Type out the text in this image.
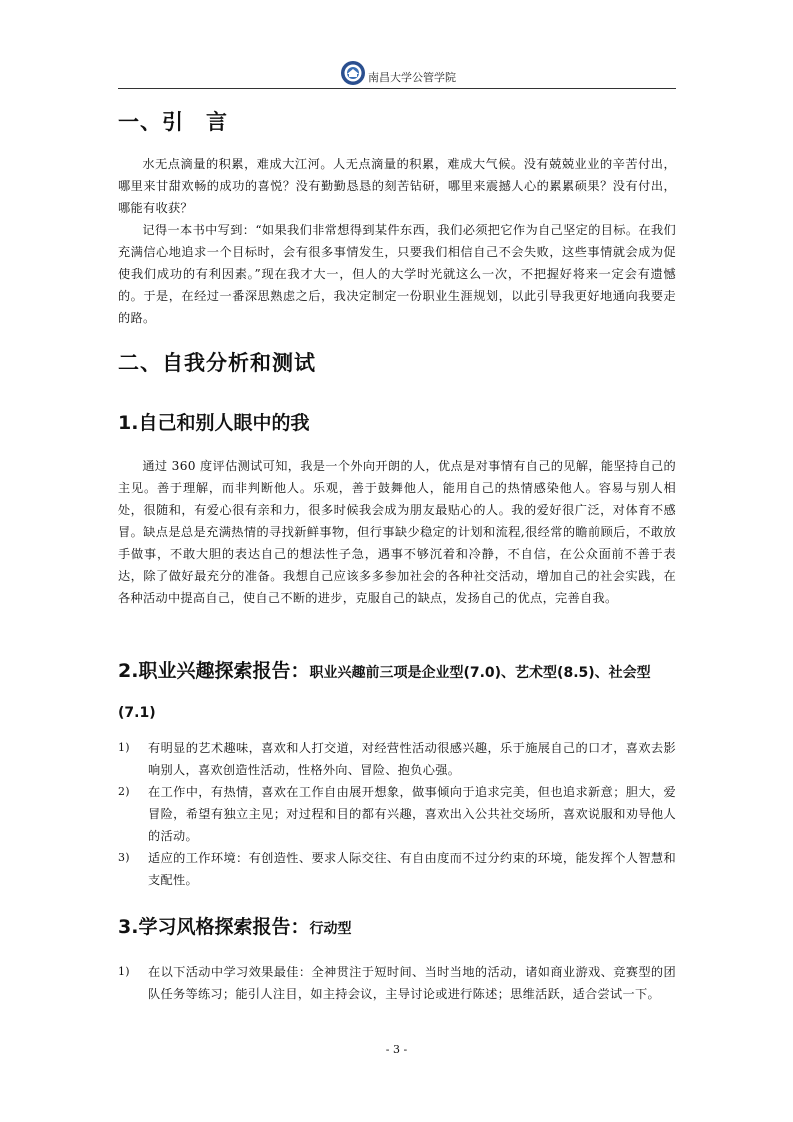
南昌大学公管学院
一、引　言

水无点滴量的积累，难成大江河。人无点滴量的积累，难成大气候。没有兢兢业业的辛苦付出，哪里来甘甜欢畅的成功的喜悦？没有勤勤恳恳的刻苦钻研，哪里来震撼人心的累累硕果？没有付出，哪能有收获？

记得一本书中写到：“如果我们非常想得到某件东西，我们必须把它作为自己坚定的目标。在我们充满信心地追求一个目标时，会有很多事情发生，只要我们相信自己不会失败，这些事情就会成为促使我们成功的有利因素。”现在我才大一，但人的大学时光就这么一次，不把握好将来一定会有遗憾的。于是，在经过一番深思熟虑之后，我决定制定一份职业生涯规划，以此引导我更好地通向我要走的路。

二、自我分析和测试
1.自己和别人眼中的我

通过 360 度评估测试可知，我是一个外向开朗的人，优点是对事情有自己的见解，能坚持自己的主见。善于理解，而非判断他人。乐观，善于鼓舞他人，能用自己的热情感染他人。容易与别人相处，很随和，有爱心很有亲和力，很多时候我会成为朋友最贴心的人。我的爱好很广泛，对体育不感冒。缺点是总是充满热情的寻找新鲜事物，但行事缺少稳定的计划和流程,很经常的瞻前顾后，不敢放手做事，不敢大胆的表达自己的想法性子急，遇事不够沉着和冷静，不自信，在公众面前不善于表达，除了做好最充分的准备。我想自己应该多多参加社会的各种社交活动，增加自己的社会实践，在各种活动中提高自己，使自己不断的进步，克服自己的缺点，发扬自己的优点，完善自我。

2.职业兴趣探索报告：职业兴趣前三项是企业型(7.0)、艺术型(8.5)、社会型(7.1)
1) 有明显的艺术趣味，喜欢和人打交道，对经营性活动很感兴趣，乐于施展自己的口才，喜欢去影响别人，喜欢创造性活动，性格外向、冒险、抱负心强。
2) 在工作中，有热情，喜欢在工作自由展开想象，做事倾向于追求完美，但也追求新意；胆大，爱冒险，希望有独立主见；对过程和目的都有兴趣，喜欢出入公共社交场所，喜欢说服和劝导他人的活动。
3) 适应的工作环境：有创造性、要求人际交往、有自由度而不过分约束的环境，能发挥个人智慧和支配性。
3.学习风格探索报告：行动型
1) 在以下活动中学习效果最佳：全神贯注于短时间、当时当地的活动，诸如商业游戏、竞赛型的团队任务等练习；能引人注目，如主持会议，主导讨论或进行陈述；思维活跃，适合尝试一下。
- 3 -
